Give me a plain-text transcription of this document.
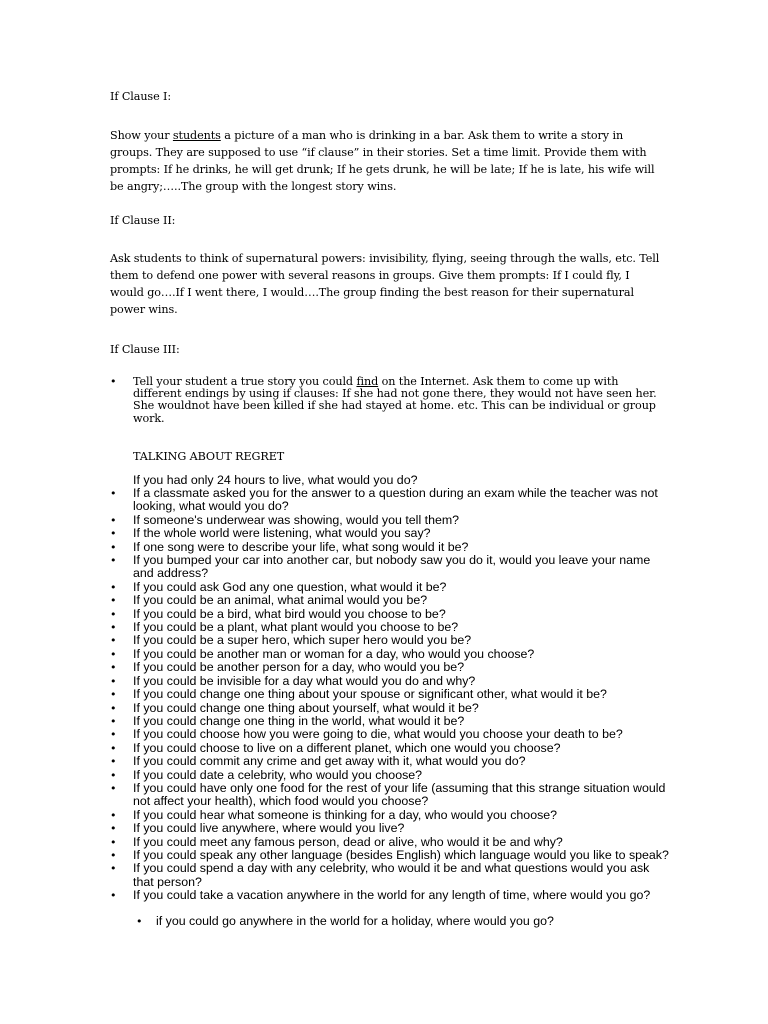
If Clause I:

Show your students a picture of a man who is drinking in a bar. Ask them to write a story in groups. They are supposed to use “if clause” in their stories. Set a time limit. Provide them with prompts: If he drinks, he will get drunk; If he gets drunk, he will be late; If he is late, his wife will be angry;…..The group with the longest story wins.

If Clause II:

Ask students to think of supernatural powers: invisibility, flying, seeing through the walls, etc. Tell them to defend one power with several reasons in groups. Give them prompts: If I could fly, I would go….If I went there, I would….The group finding the best reason for their supernatural power wins.

If Clause III:
• Tell your student a true story you could find on the Internet. Ask them to come up with different endings by using if clauses: If she had not gone there, they would not have seen her. She wouldnot have been killed if she had stayed at home. etc. This can be individual or group work.
TALKING ABOUT REGRET
If you had only 24 hours to live, what would you do?
• If a classmate asked you for the answer to a question during an exam while the teacher was not looking, what would you do?
• If someone's underwear was showing, would you tell them?
• If the whole world were listening, what would you say?
• If one song were to describe your life, what song would it be?
• If you bumped your car into another car, but nobody saw you do it, would you leave your name and address?
• If you could ask God any one question, what would it be?
• If you could be an animal, what animal would you be?
• If you could be a bird, what bird would you choose to be?
• If you could be a plant, what plant would you choose to be?
• If you could be a super hero, which super hero would you be?
• If you could be another man or woman for a day, who would you choose?
• If you could be another person for a day, who would you be?
• If you could be invisible for a day what would you do and why?
• If you could change one thing about your spouse or significant other, what would it be?
• If you could change one thing about yourself, what would it be?
• If you could change one thing in the world, what would it be?
• If you could choose how you were going to die, what would you choose your death to be?
• If you could choose to live on a different planet, which one would you choose?
• If you could commit any crime and get away with it, what would you do?
• If you could date a celebrity, who would you choose?
• If you could have only one food for the rest of your life (assuming that this strange situation would not affect your health), which food would you choose?
• If you could hear what someone is thinking for a day, who would you choose?
• If you could live anywhere, where would you live?
• If you could meet any famous person, dead or alive, who would it be and why?
• If you could speak any other language (besides English) which language would you like to speak?
• If you could spend a day with any celebrity, who would it be and what questions would you ask that person?
• If you could take a vacation anywhere in the world for any length of time, where would you go?
•	if you could go anywhere in the world for a holiday, where would you go?
